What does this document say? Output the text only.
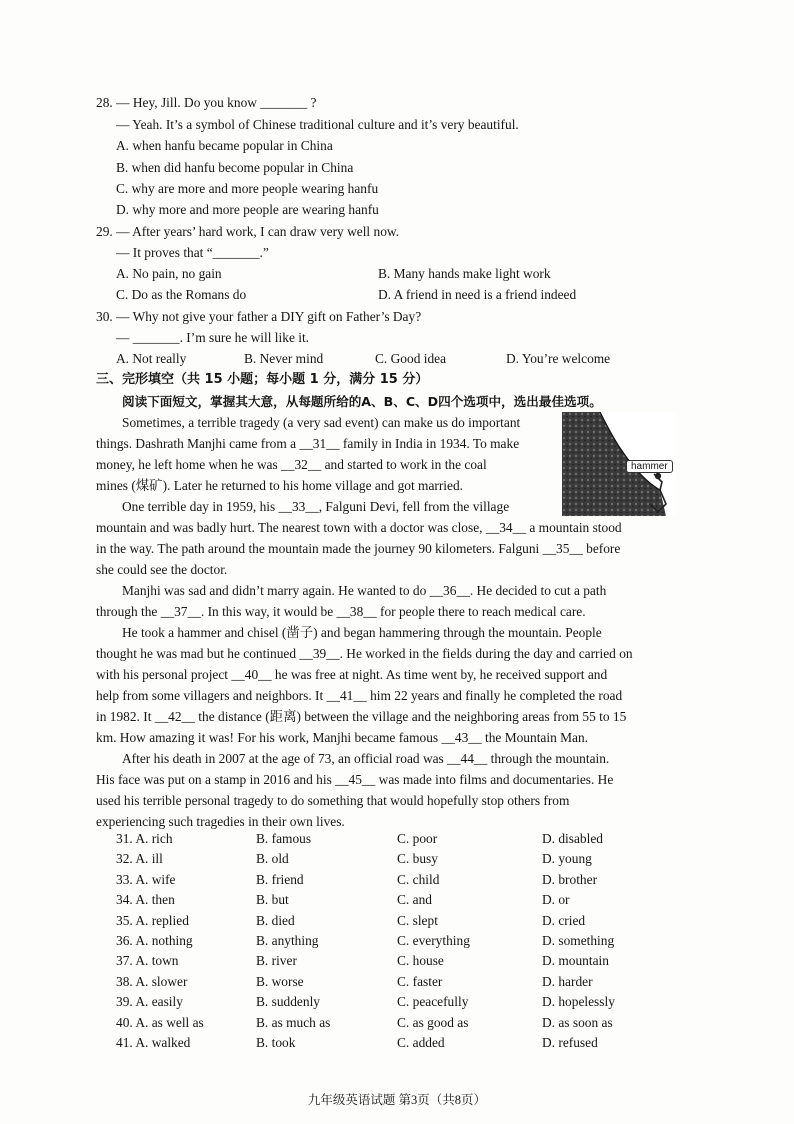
28. — Hey, Jill. Do you know _______ ?
— Yeah. It’s a symbol of Chinese traditional culture and it’s very beautiful.
A. when hanfu became popular in China
B. when did hanfu become popular in China
C. why are more and more people wearing hanfu
D. why more and more people are wearing hanfu
29. — After years’ hard work, I can draw very well now.
— It proves that “_______.”
A. No pain, no gain	B. Many hands make light work
C. Do as the Romans do	D. A friend in need is a friend indeed
30. — Why not give your father a DIY gift on Father’s Day?
— _______. I’m sure he will like it.
A. Not really	B. Never mind	C. Good idea	D. You’re welcome
三、完形填空（共 15 小题；每小题 1 分，满分 15 分）
阅读下面短文，掌握其大意，从每题所给的A、B、C、D四个选项中，选出最佳选项。
hammer
Sometimes, a terrible tragedy (a very sad event) can make us do important
things. Dashrath Manjhi came from a __31__ family in India in 1934. To make
money, he left home when he was __32__ and started to work in the coal
mines (煤矿). Later he returned to his home village and got married.
One terrible day in 1959, his __33__, Falguni Devi, fell from the village
mountain and was badly hurt. The nearest town with a doctor was close, __34__ a mountain stood
in the way. The path around the mountain made the journey 90 kilometers. Falguni __35__ before
she could see the doctor.
Manjhi was sad and didn’t marry again. He wanted to do __36__. He decided to cut a path
through the __37__. In this way, it would be __38__ for people there to reach medical care.
He took a hammer and chisel (凿子) and began hammering through the mountain. People
thought he was mad but he continued __39__. He worked in the fields during the day and carried on
with his personal project __40__ he was free at night. As time went by, he received support and
help from some villagers and neighbors. It __41__ him 22 years and finally he completed the road
in 1982. It __42__ the distance (距离) between the village and the neighboring areas from 55 to 15
km. How amazing it was! For his work, Manjhi became famous __43__ the Mountain Man.
After his death in 2007 at the age of 73, an official road was __44__ through the mountain.
His face was put on a stamp in 2016 and his __45__ was made into films and documentaries. He
used his terrible personal tragedy to do something that would hopefully stop others from
experiencing such tragedies in their own lives.
31. A. rich	B. famous	C. poor	D. disabled
32. A. ill	B. old	C. busy	D. young
33. A. wife	B. friend	C. child	D. brother
34. A. then	B. but	C. and	D. or
35. A. replied	B. died	C. slept	D. cried
36. A. nothing	B. anything	C. everything	D. something
37. A. town	B. river	C. house	D. mountain
38. A. slower	B. worse	C. faster	D. harder
39. A. easily	B. suddenly	C. peacefully	D. hopelessly
40. A. as well as	B. as much as	C. as good as	D. as soon as
41. A. walked	B. took	C. added	D. refused
九年级英语试题 第3页（共8页）
